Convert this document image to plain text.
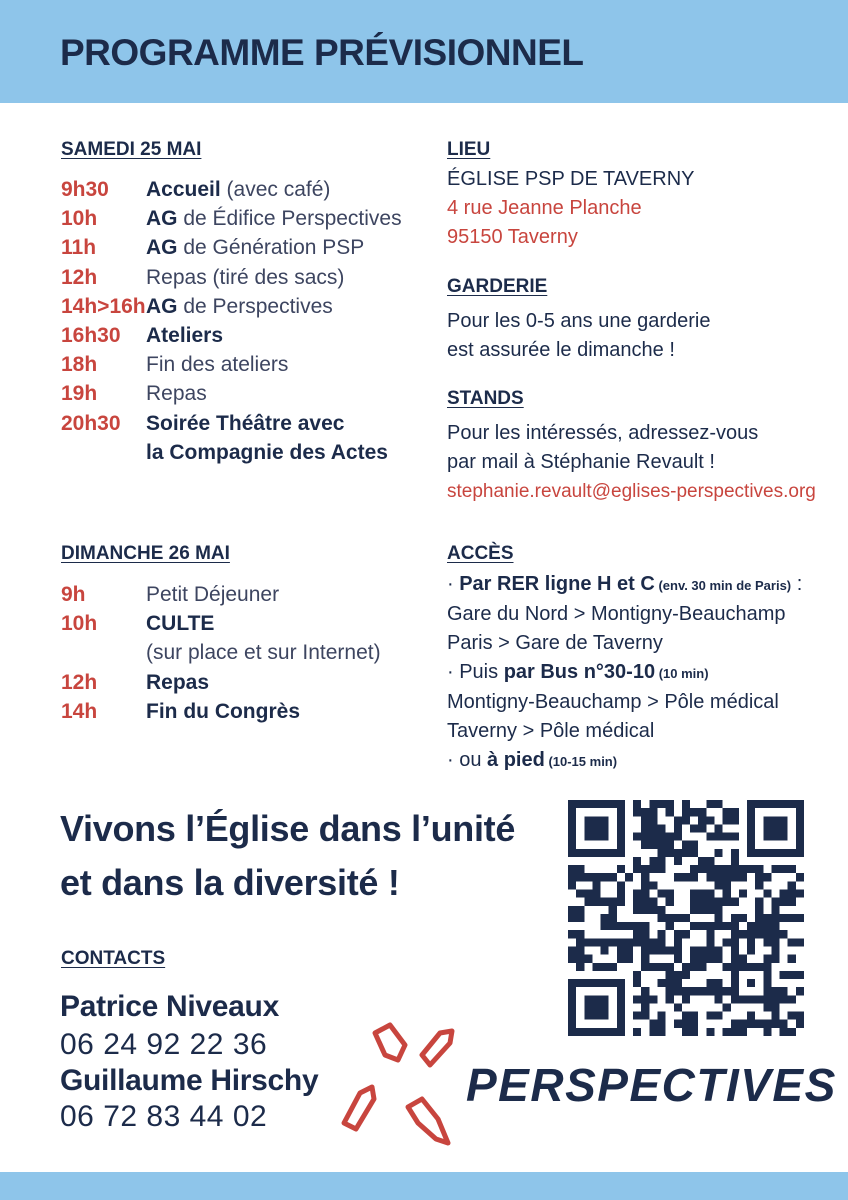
PROGRAMME PRÉVISIONNEL
SAMEDI 25 MAI
9h30 Accueil (avec café)
10h AG de Édifice Perspectives
11h AG de Génération PSP
12h Repas (tiré des sacs)
14h>16h AG de Perspectives
16h30 Ateliers
18h Fin des ateliers
19h Repas
20h30 Soirée Théâtre avec
la Compagnie des Actes
DIMANCHE 26 MAI
9h	Petit Déjeuner
10h CULTE
(sur place et sur Internet)
12h Repas
14h Fin du Congrès
LIEU
ÉGLISE PSP DE TAVERNY
4 rue Jeanne Planche
95150 Taverny
GARDERIE
Pour les 0-5 ans une garderie
est assurée le dimanche !
STANDS
Pour les intéressés, adressez-vous
par mail à Stéphanie Revault !
stephanie.revault@eglises-perspectives.org
ACCÈS
· Par RER ligne H et C (env. 30 min de Paris) :
Gare du Nord > Montigny-Beauchamp
Paris > Gare de Taverny
· Puis par Bus n°30-10 (10 min)
Montigny-Beauchamp > Pôle médical
Taverny > Pôle médical
· ou à pied (10-15 min)
Vivons l’Église dans l’unité
et dans la diversité !
CONTACTS
Patrice Niveaux
06 24 92 22 36
Guillaume Hirschy
06 72 83 44 02
PERSPECTIVES
